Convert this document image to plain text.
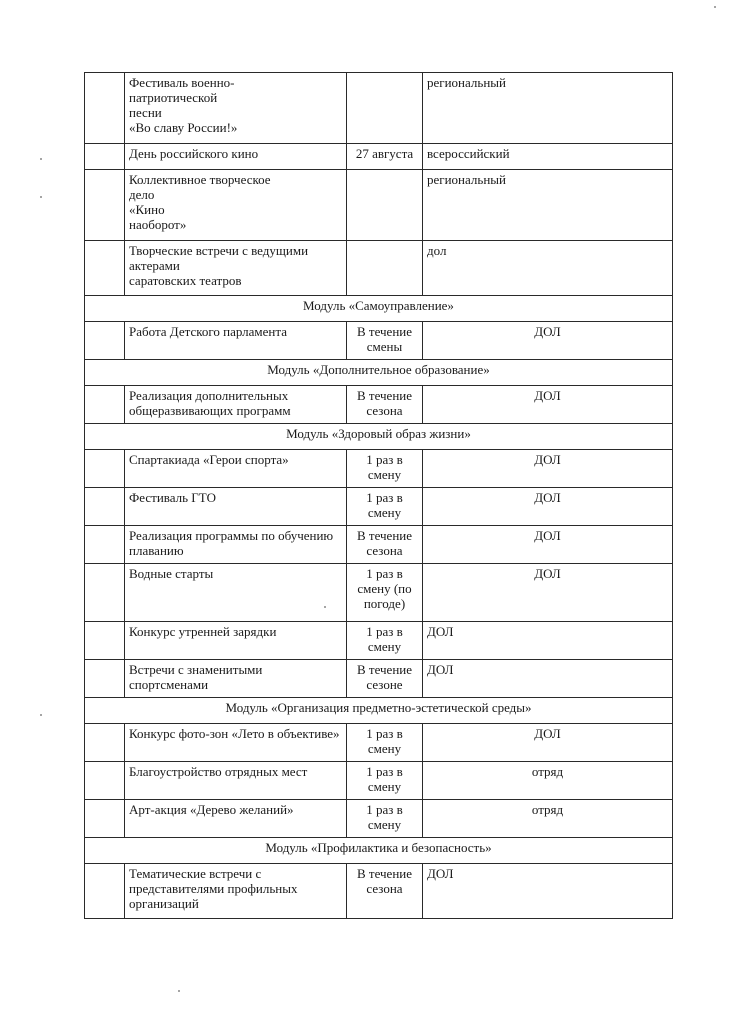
	Фестиваль военно-
патриотической
песни
«Во славу России!»		региональный
	День российского кино	27 августа	всероссийский
	Коллективное творческое
дело
«Кино
наоборот»		региональный
	Творческие встречи с ведущими
актерами
саратовских театров		дол
Модуль «Самоуправление»			
	Работа Детского парламента	В течение смены	ДОЛ
Модуль «Дополнительное образование»			
	Реализация дополнительных общеразвивающих программ	В течение сезона	ДОЛ
Модуль «Здоровый образ жизни»			
	Спартакиада «Герои спорта»	1 раз в смену	ДОЛ
	Фестиваль ГТО	1 раз в смену	ДОЛ
	Реализация программы по обучению плаванию	В течение сезона	ДОЛ
	Водные старты	1 раз в смену (по погоде)	ДОЛ
	Конкурс утренней зарядки	1 раз в смену	ДОЛ
	Встречи с знаменитыми спортсменами	В течение сезоне	ДОЛ
Модуль «Организация предметно-эстетической среды»			
	Конкурс фото-зон «Лето в объективе»	1 раз в смену	ДОЛ
	Благоустройство отрядных мест	1 раз в смену	отряд
	Арт-акция «Дерево желаний»	1 раз в смену	отряд
Модуль «Профилактика и безопасность»			
	Тематические встречи с представителями профильных организаций	В течение сезона	ДОЛ
